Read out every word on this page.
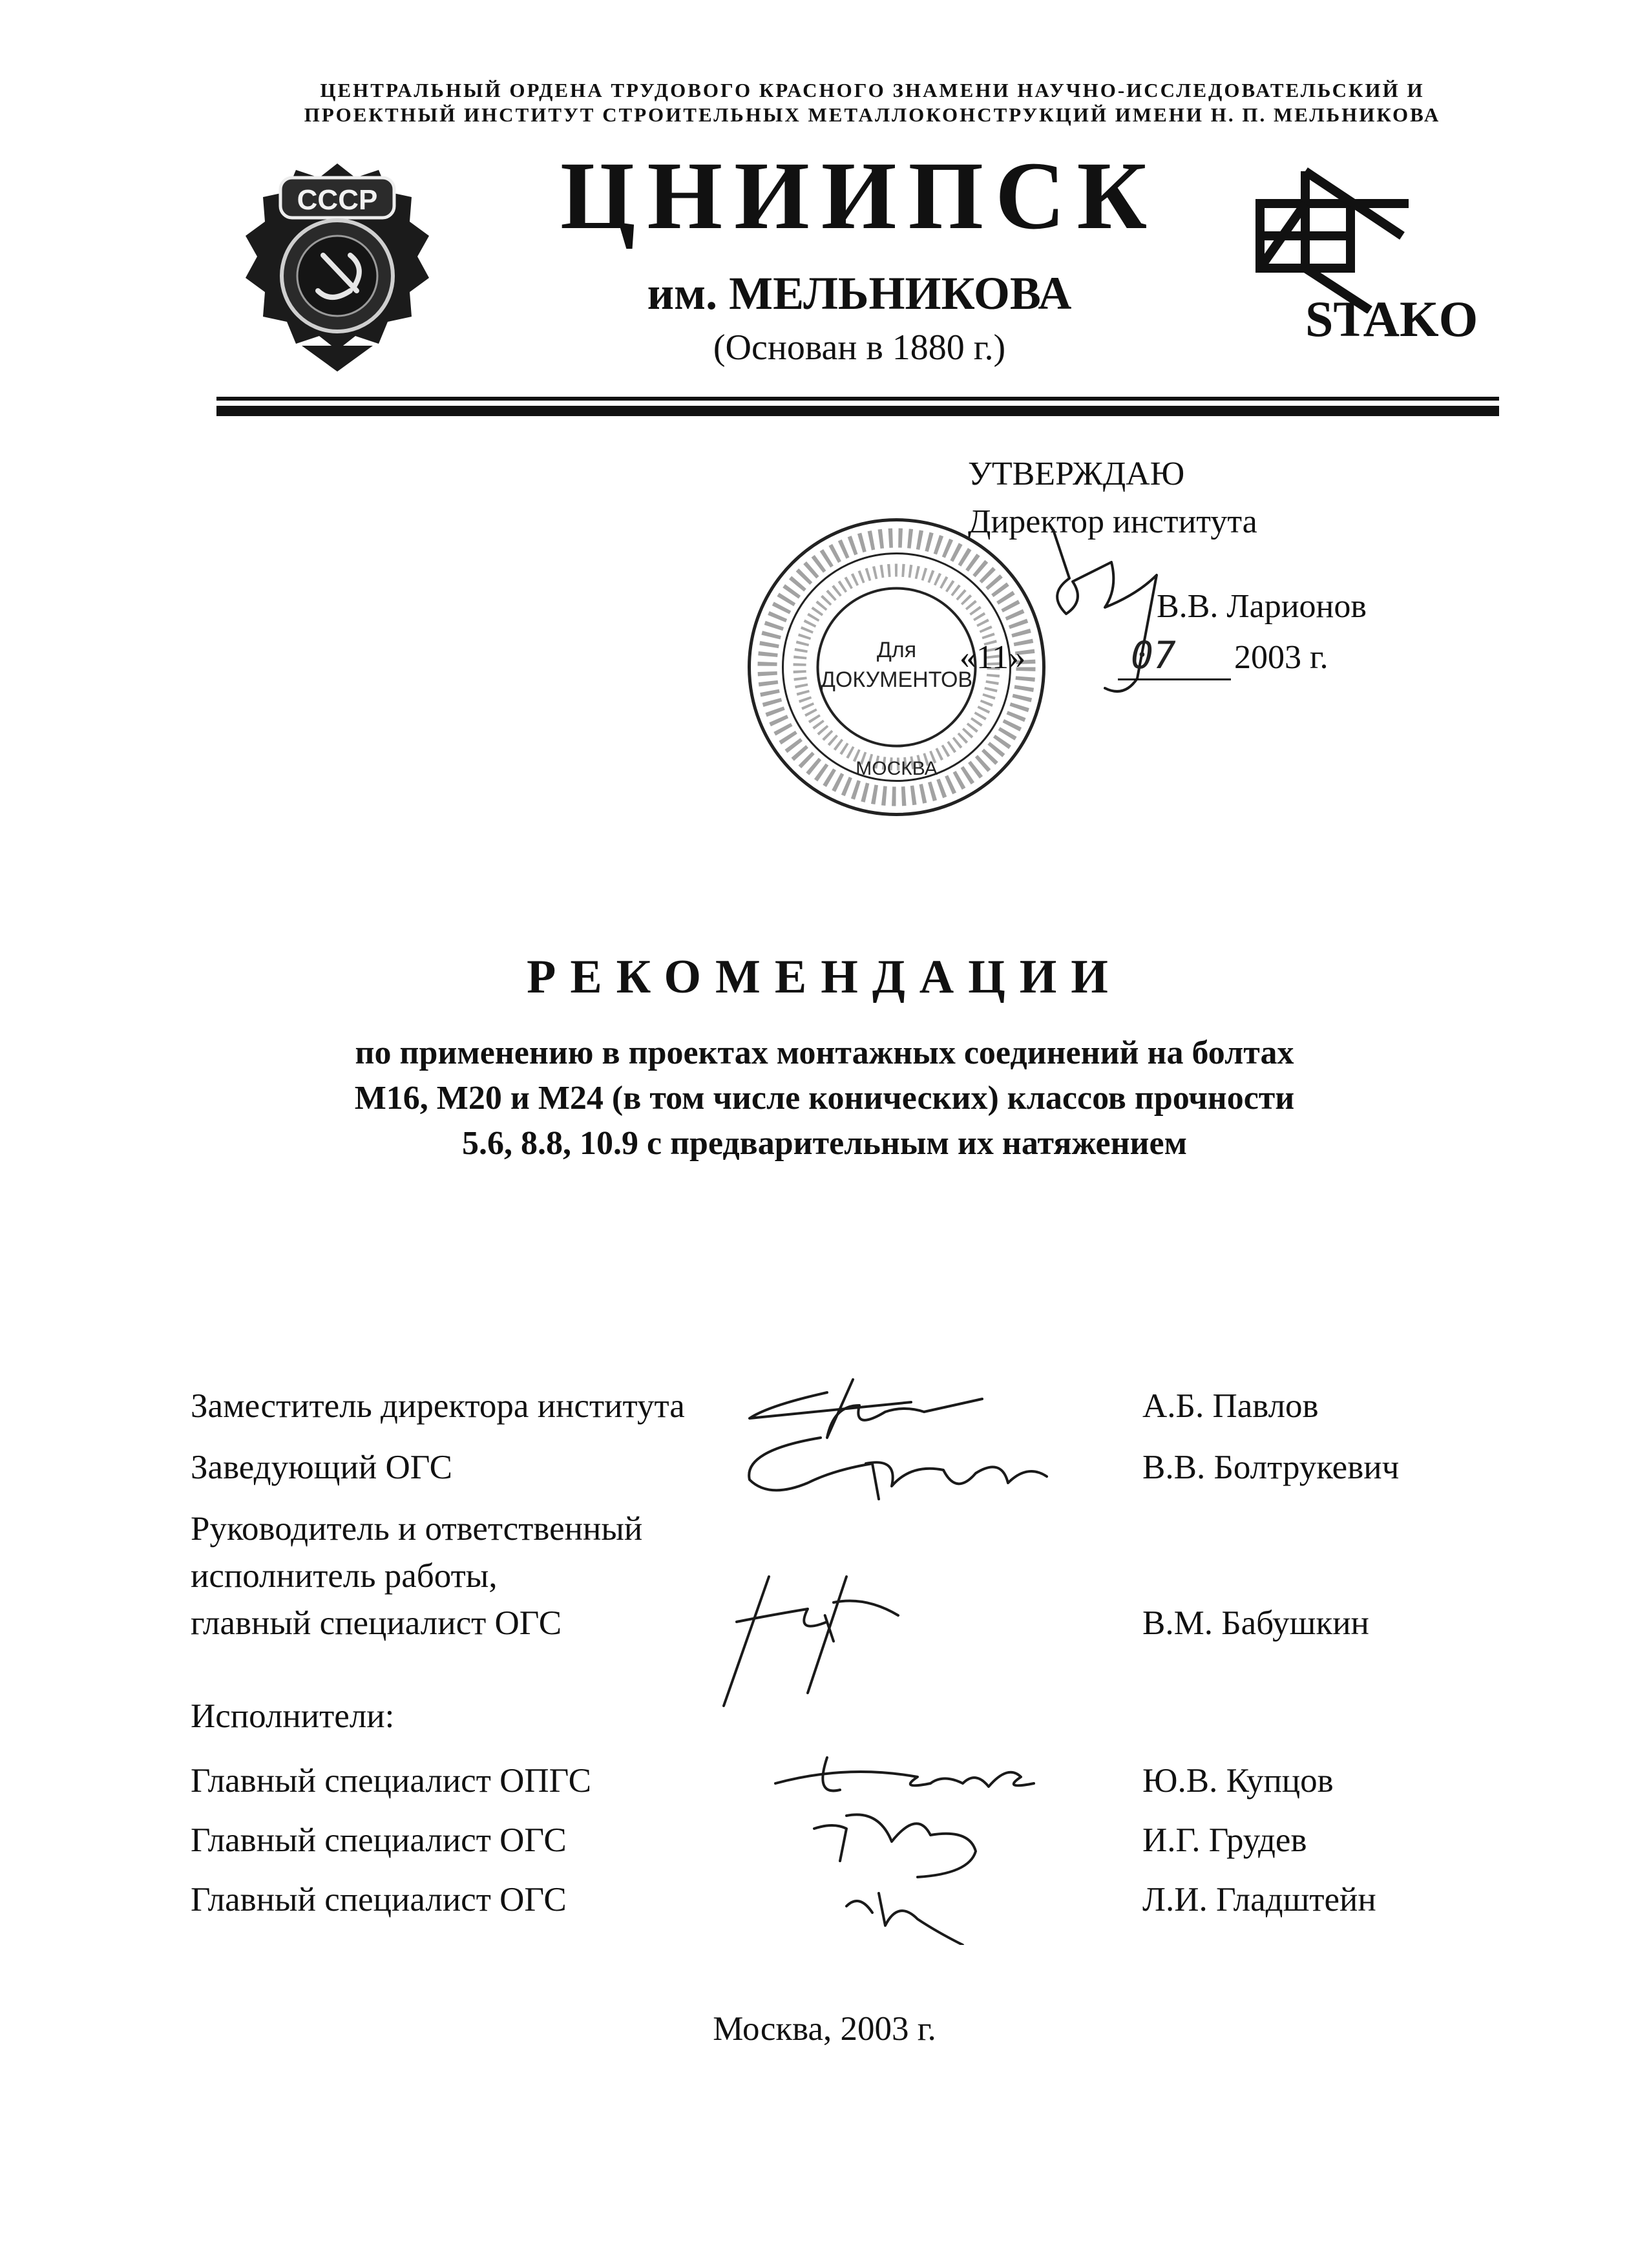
ЦЕНТРАЛЬНЫЙ ОРДЕНА ТРУДОВОГО КРАСНОГО ЗНАМЕНИ НАУЧНО-ИССЛЕДОВАТЕЛЬСКИЙ И
ПРОЕКТНЫЙ ИНСТИТУТ СТРОИТЕЛЬНЫХ МЕТАЛЛОКОНСТРУКЦИЙ ИМЕНИ Н. П. МЕЛЬНИКОВА
СССР ЦНИИПСК
им. МЕЛЬНИКОВА
(Основан в 1880 г.)
STAKO
УТВЕРЖДАЮ
Директор института
Для
ДОКУМЕНТОВ
МОСКВА
В.В. Ларионов
«11»	07 2003 г.
РЕКОМЕНДАЦИИ
по применению в проектах монтажных соединений на болтах
М16, М20 и М24 (в том числе конических) классов прочности
5.6, 8.8, 10.9 с предварительным их натяжением
Заместитель директора института	А.Б. Павлов
Заведующий ОГС	В.В. Болтрукевич
Руководитель и ответственный
исполнитель работы,
главный специалист ОГС	В.М. Бабушкин
Исполнители:
Главный специалист ОПГС	Ю.В. Купцов
Главный специалист ОГС	И.Г. Грудев
Главный специалист ОГС	Л.И. Гладштейн
Москва, 2003 г.
